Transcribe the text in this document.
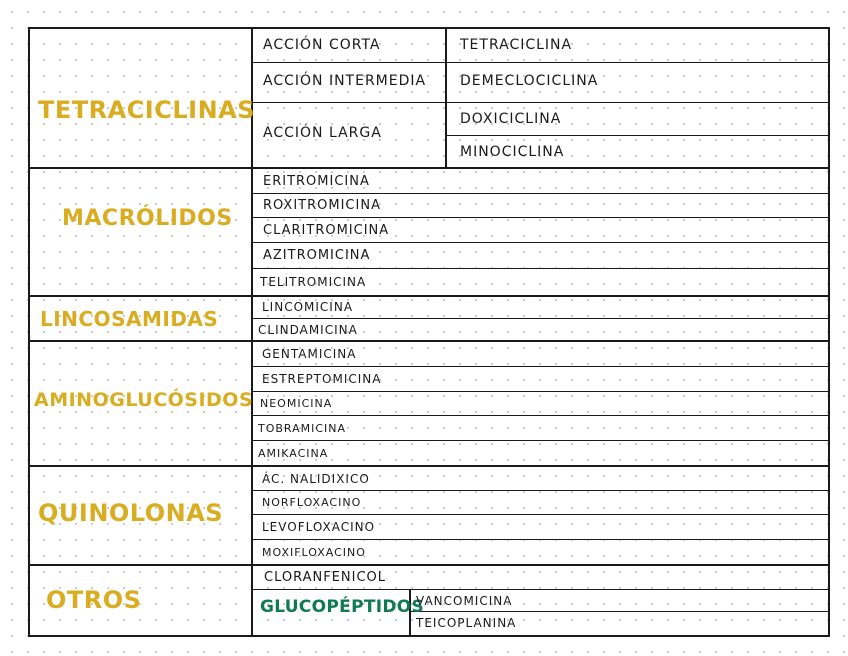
TETRACICLINAS
MACRÓLIDOS
LINCOSAMIDAS
AMINOGLUCÓSIDOS
QUINOLONAS
OTROS
ACCIÓN CORTA
ACCIÓN INTERMEDIA
ACCIÓN LARGA
TETRACICLINA
DEMECLOCICLINA
DOXICICLINA
MINOCICLINA
ERITROMICINA
ROXITROMICINA
CLARITROMICINA
AZITROMICINA
TELITROMICINA
LINCOMICINA
CLINDAMICINA
GENTAMICINA
ESTREPTOMICINA
NEOMICINA
TOBRAMICINA
AMIKACINA
ÁC. NALIDIXICO
NORFLOXACINO
LEVOFLOXACINO
MOXIFLOXACINO
CLORANFENICOL
GLUCOPÉPTIDOS
VANCOMICINA
TEICOPLANINA
